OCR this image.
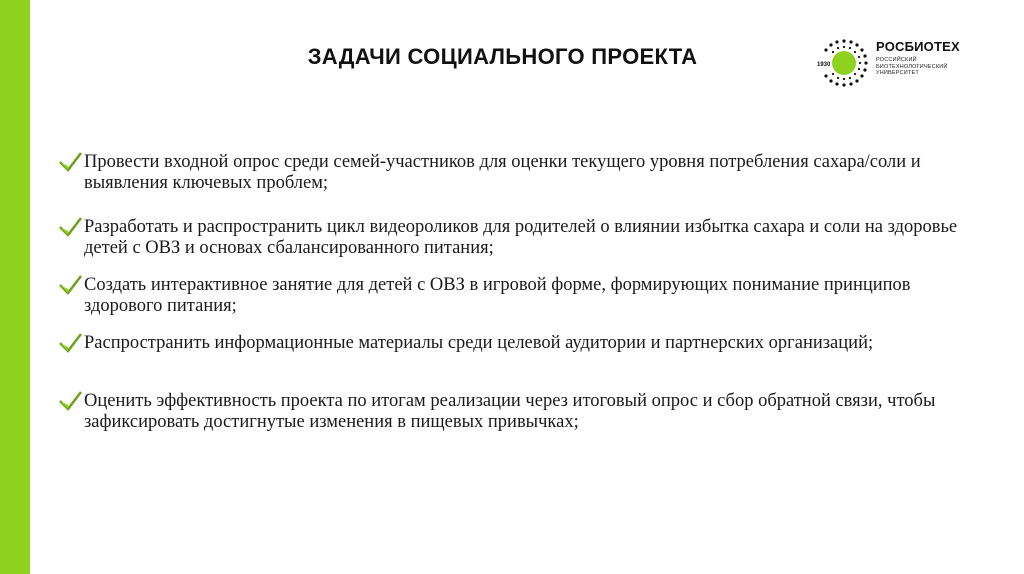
ЗАДАЧИ СОЦИАЛЬНОГО ПРОЕКТА	1930
РОСБИОТЕХ
РОССИЙСКИЙ БИОТЕХНОЛОГИЧЕСКИЙ УНИВЕРСИТЕТ
Провести входной опрос среди семей-участников для оценки текущего уровня потребления сахара/соли и выявления ключевых проблем;
Разработать и распространить цикл видеороликов для родителей о влиянии избытка сахара и соли на здоровье детей с ОВЗ и основах сбалансированного питания;
Создать интерактивное занятие для детей с ОВЗ в игровой форме, формирующих понимание принципов здорового питания;
Распространить информационные материалы среди целевой аудитории и партнерских организаций;
Оценить эффективность проекта по итогам реализации через итоговый опрос и сбор обратной связи, чтобы зафиксировать достигнутые изменения в пищевых привычках;
